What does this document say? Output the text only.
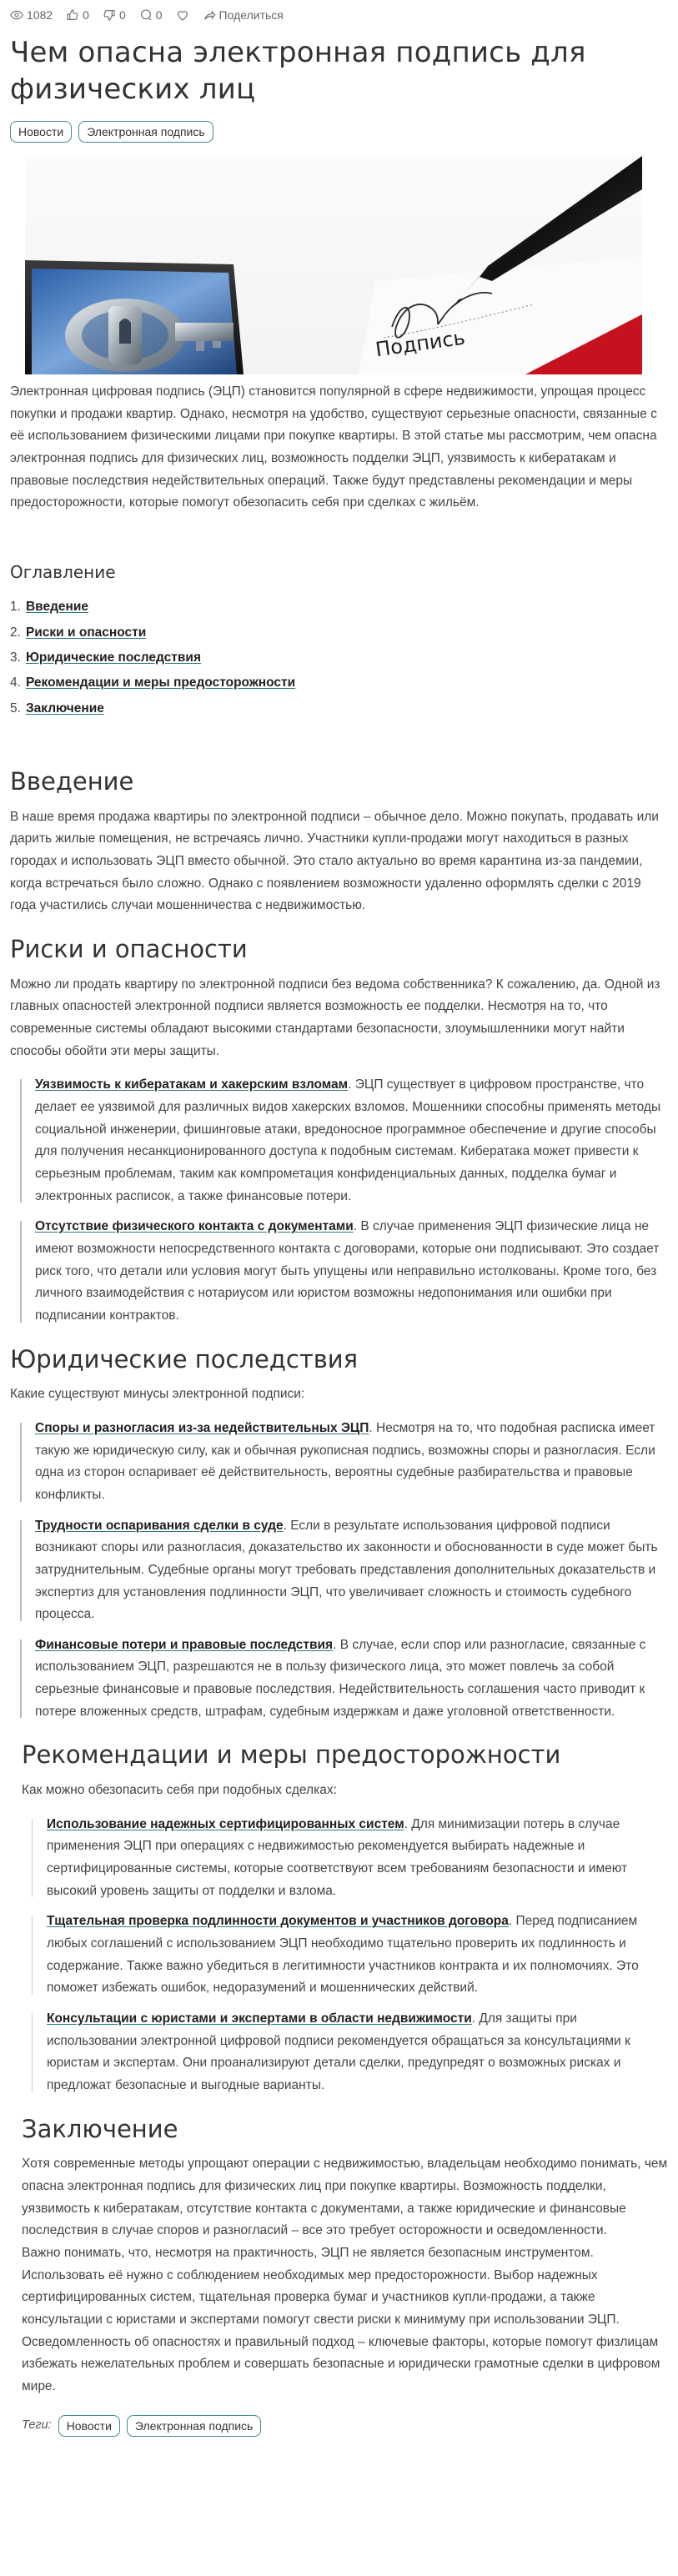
1082	0	0	0	Поделиться
Чем опасна электронная подпись для физических лиц
Новости	Электронная подпись
Подпись

Электронная цифровая подпись (ЭЦП) становится популярной в сфере недвижимости, упрощая процесс покупки и продажи квартир. Однако, несмотря на удобство, существуют серьезные опасности, связанные с её использованием физическими лицами при покупке квартиры. В этой статье мы рассмотрим, чем опасна электронная подпись для физических лиц, возможность подделки ЭЦП, уязвимость к кибератакам и правовые последствия недействительных операций. Также будут представлены рекомендации и меры предосторожности, которые помогут обезопасить себя при сделках с жильём.

Оглавление
1. Введение
2. Риски и опасности
3. Юридические последствия
4. Рекомендации и меры предосторожности
5. Заключение
Введение

В наше время продажа квартиры по электронной подписи – обычное дело. Можно покупать, продавать или дарить жилые помещения, не встречаясь лично. Участники купли-продажи могут находиться в разных городах и использовать ЭЦП вместо обычной. Это стало актуально во время карантина из-за пандемии, когда встречаться было сложно. Однако с появлением возможности удаленно оформлять сделки с 2019 года участились случаи мошенничества с недвижимостью.

Риски и опасности

Можно ли продать квартиру по электронной подписи без ведома собственника? К сожалению, да. Одной из главных опасностей электронной подписи является возможность ее подделки. Несмотря на то, что современные системы обладают высокими стандартами безопасности, злоумышленники могут найти способы обойти эти меры защиты.

Уязвимость к кибератакам и хакерским взломам. ЭЦП существует в цифровом пространстве, что делает ее уязвимой для различных видов хакерских взломов. Мошенники способны применять методы социальной инженерии, фишинговые атаки, вредоносное программное обеспечение и другие способы для получения несанкционированного доступа к подобным системам. Кибератака может привести к серьезным проблемам, таким как компрометация конфиденциальных данных, подделка бумаг и электронных расписок, а также финансовые потери.
Отсутствие физического контакта с документами. В случае применения ЭЦП физические лица не имеют возможности непосредственного контакта с договорами, которые они подписывают. Это создает риск того, что детали или условия могут быть упущены или неправильно истолкованы. Кроме того, без личного взаимодействия с нотариусом или юристом возможны недопонимания или ошибки при подписании контрактов.
Юридические последствия

Какие существуют минусы электронной подписи:

Споры и разногласия из-за недействительных ЭЦП. Несмотря на то, что подобная расписка имеет такую же юридическую силу, как и обычная рукописная подпись, возможны споры и разногласия. Если одна из сторон оспаривает её действительность, вероятны судебные разбирательства и правовые конфликты.
Трудности оспаривания сделки в суде. Если в результате использования цифровой подписи возникают споры или разногласия, доказательство их законности и обоснованности в суде может быть затруднительным. Судебные органы могут требовать представления дополнительных доказательств и экспертиз для установления подлинности ЭЦП, что увеличивает сложность и стоимость судебного процесса.
Финансовые потери и правовые последствия. В случае, если спор или разногласие, связанные с использованием ЭЦП, разрешаются не в пользу физического лица, это может повлечь за собой серьезные финансовые и правовые последствия. Недействительность соглашения часто приводит к потере вложенных средств, штрафам, судебным издержкам и даже уголовной ответственности.
Рекомендации и меры предосторожности

Как можно обезопасить себя при подобных сделках:

Использование надежных сертифицированных систем. Для минимизации потерь в случае применения ЭЦП при операциях с недвижимостью рекомендуется выбирать надежные и сертифицированные системы, которые соответствуют всем требованиям безопасности и имеют высокий уровень защиты от подделки и взлома.
Тщательная проверка подлинности документов и участников договора. Перед подписанием любых соглашений с использованием ЭЦП необходимо тщательно проверить их подлинность и содержание. Также важно убедиться в легитимности участников контракта и их полномочиях. Это поможет избежать ошибок, недоразумений и мошеннических действий.
Консультации с юристами и экспертами в области недвижимости. Для защиты при использовании электронной цифровой подписи рекомендуется обращаться за консультациями к юристам и экспертам. Они проанализируют детали сделки, предупредят о возможных рисках и предложат безопасные и выгодные варианты.
Заключение

Хотя современные методы упрощают операции с недвижимостью, владельцам необходимо понимать, чем опасна электронная подпись для физических лиц при покупке квартиры. Возможность подделки, уязвимость к кибератакам, отсутствие контакта с документами, а также юридические и финансовые последствия в случае споров и разногласий – все это требует осторожности и осведомленности.

Важно понимать, что, несмотря на практичность, ЭЦП не является безопасным инструментом. Использовать её нужно с соблюдением необходимых мер предосторожности. Выбор надежных сертифицированных систем, тщательная проверка бумаг и участников купли-продажи, а также консультации с юристами и экспертами помогут свести риски к минимуму при использовании ЭЦП. Осведомленность об опасностях и правильный подход – ключевые факторы, которые помогут физлицам избежать нежелательных проблем и совершать безопасные и юридически грамотные сделки в цифровом мире.

Теги:	Новости	Электронная подпись
